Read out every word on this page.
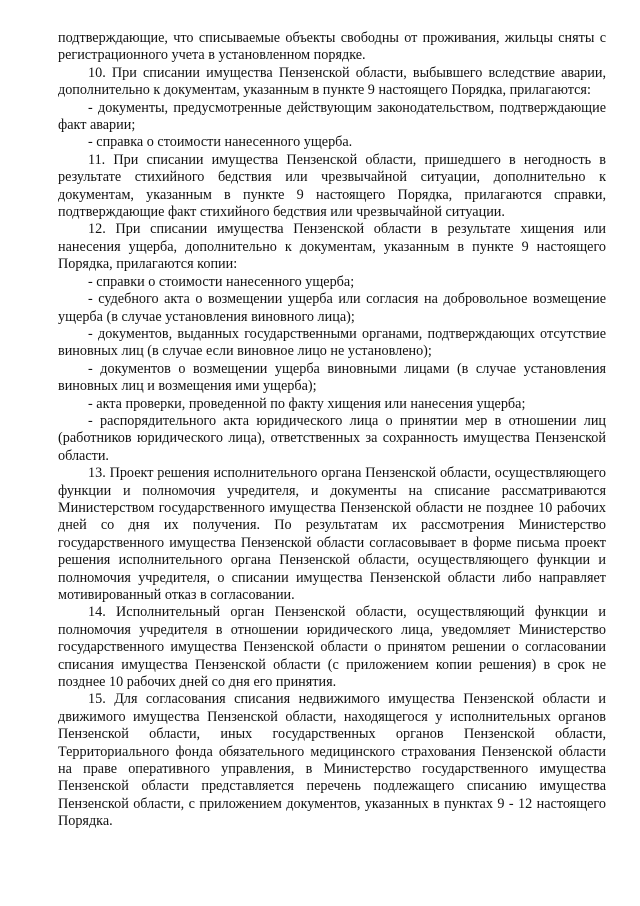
подтверждающие, что списываемые объекты свободны от проживания, жильцы сняты с регистрационного учета в установленном порядке.

10. При списании имущества Пензенской области, выбывшего вследствие аварии, дополнительно к документам, указанным в пункте 9 настоящего Порядка, прилагаются:

- документы, предусмотренные действующим законодательством, подтверждающие факт аварии;

- справка о стоимости нанесенного ущерба.

11. При списании имущества Пензенской области, пришедшего в негодность в результате стихийного бедствия или чрезвычайной ситуации, дополнительно к документам, указанным в пункте 9 настоящего Порядка, прилагаются справки, подтверждающие факт стихийного бедствия или чрезвычайной ситуации.

12. При списании имущества Пензенской области в результате хищения или нанесения ущерба, дополнительно к документам, указанным в пункте 9 настоящего Порядка, прилагаются копии:

- справки о стоимости нанесенного ущерба;

- судебного акта о возмещении ущерба или согласия на добровольное возмещение ущерба (в случае установления виновного лица);

- документов, выданных государственными органами, подтверждающих отсутствие виновных лиц (в случае если виновное лицо не установлено);

- документов о возмещении ущерба виновными лицами (в случае установления виновных лиц и возмещения ими ущерба);

- акта проверки, проведенной по факту хищения или нанесения ущерба;

- распорядительного акта юридического лица о принятии мер в отношении лиц (работников юридического лица), ответственных за сохранность имущества Пензенской области.

13. Проект решения исполнительного органа Пензенской области, осуществляющего функции и полномочия учредителя, и документы на списание рассматриваются Министерством государственного имущества Пензенской области не позднее 10 рабочих дней со дня их получения. По результатам их рассмотрения Министерство государственного имущества Пензенской области согласовывает в форме письма проект решения исполнительного органа Пензенской области, осуществляющего функции и полномочия учредителя, о списании имущества Пензенской области либо направляет мотивированный отказ в согласовании.

14. Исполнительный орган Пензенской области, осуществляющий функции и полномочия учредителя в отношении юридического лица, уведомляет Министерство государственного имущества Пензенской области о принятом решении о согласовании списания имущества Пензенской области (с приложением копии решения) в срок не позднее 10 рабочих дней со дня его принятия.

15. Для согласования списания недвижимого имущества Пензенской области и движимого имущества Пензенской области, находящегося у исполнительных органов Пензенской области, иных государственных органов Пензенской области, Территориального фонда обязательного медицинского страхования Пензенской области на праве оперативного управления, в Министерство государственного имущества Пензенской области представляется перечень подлежащего списанию имущества Пензенской области, с приложением документов, указанных в пунктах 9 - 12 настоящего Порядка.
